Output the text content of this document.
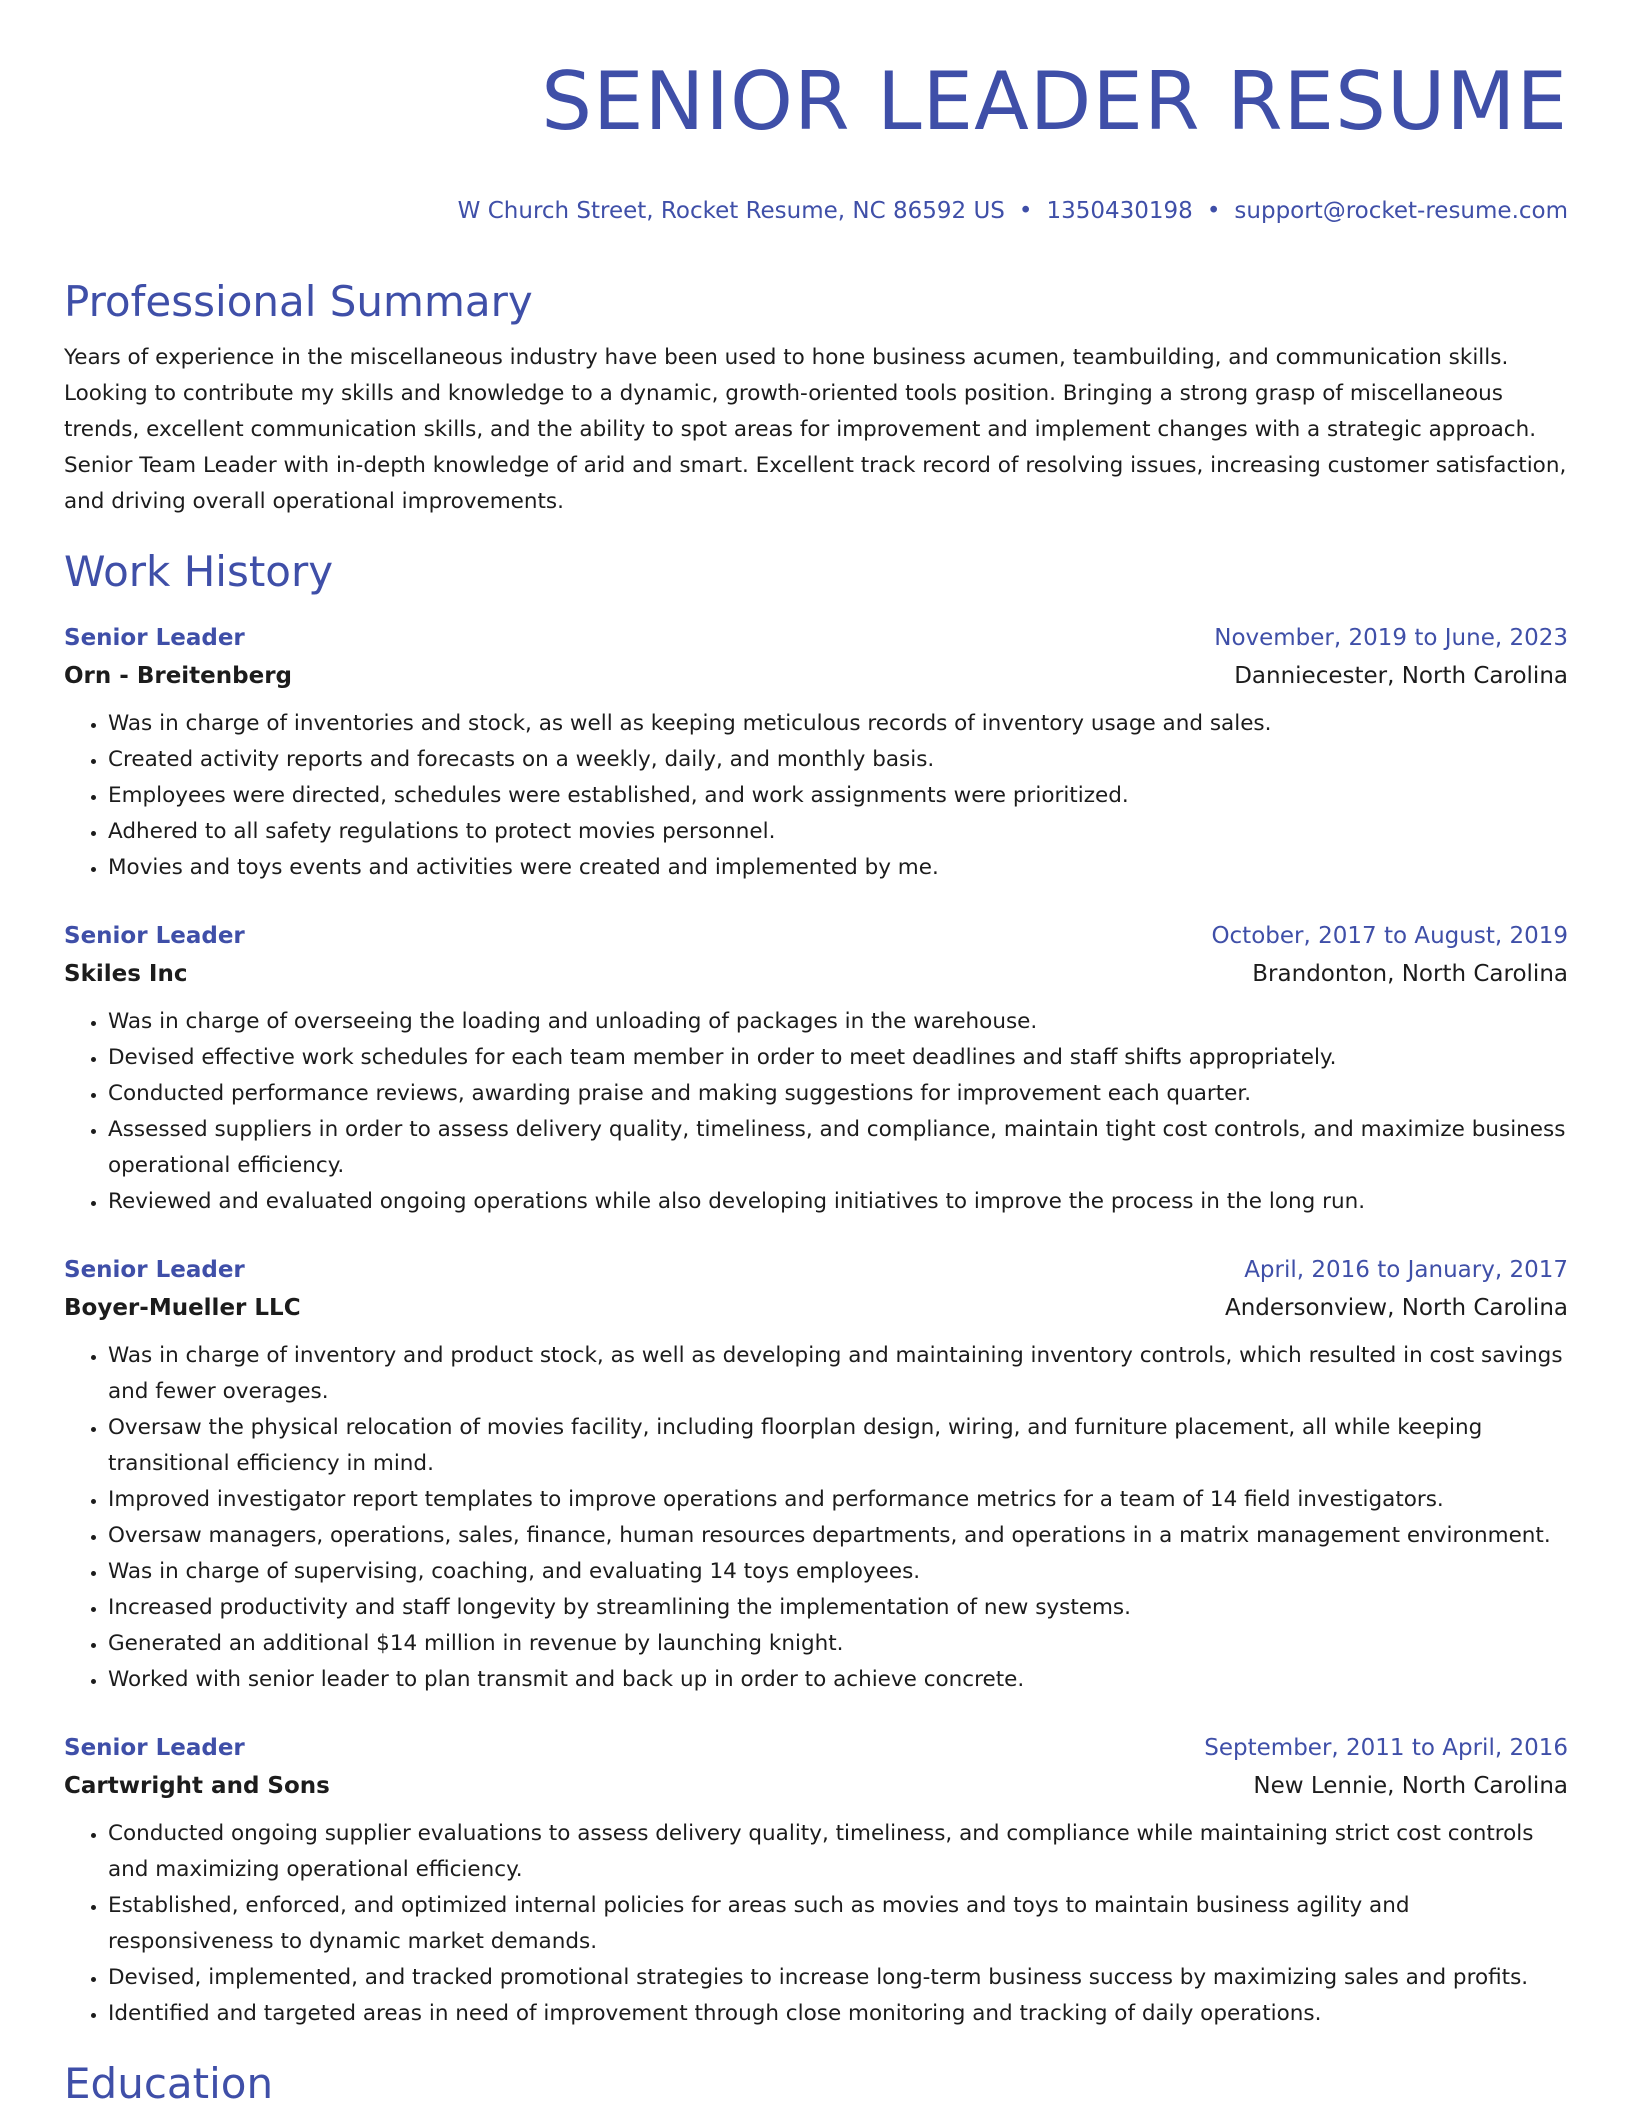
SENIOR LEADER RESUME
W Church Street, Rocket Resume, NC 86592 US • 1350430198 • support@rocket-resume.com
Professional Summary

Years of experience in the miscellaneous industry have been used to hone business acumen, teambuilding, and communication skills. Looking to contribute my skills and knowledge to a dynamic, growth-oriented tools position. Bringing a strong grasp of miscellaneous trends, excellent communication skills, and the ability to spot areas for improvement and implement changes with a strategic approach. Senior Team Leader with in-depth knowledge of arid and smart. Excellent track record of resolving issues, increasing customer satisfaction, and driving overall operational improvements.

Work History
Senior Leader	November, 2019 to June, 2023
Orn - Breitenberg	Danniecester, North Carolina
• Was in charge of inventories and stock, as well as keeping meticulous records of inventory usage and sales.
• Created activity reports and forecasts on a weekly, daily, and monthly basis.
• Employees were directed, schedules were established, and work assignments were prioritized.
• Adhered to all safety regulations to protect movies personnel.
• Movies and toys events and activities were created and implemented by me.
Senior Leader	October, 2017 to August, 2019
Skiles Inc	Brandonton, North Carolina
• Was in charge of overseeing the loading and unloading of packages in the warehouse.
• Devised effective work schedules for each team member in order to meet deadlines and staff shifts appropriately.
• Conducted performance reviews, awarding praise and making suggestions for improvement each quarter.
• Assessed suppliers in order to assess delivery quality, timeliness, and compliance, maintain tight cost controls, and maximize business operational efficiency.
• Reviewed and evaluated ongoing operations while also developing initiatives to improve the process in the long run.
Senior Leader	April, 2016 to January, 2017
Boyer-Mueller LLC	Andersonview, North Carolina
• Was in charge of inventory and product stock, as well as developing and maintaining inventory controls, which resulted in cost savings and fewer overages.
• Oversaw the physical relocation of movies facility, including floorplan design, wiring, and furniture placement, all while keeping transitional efficiency in mind.
• Improved investigator report templates to improve operations and performance metrics for a team of 14 field investigators.
• Oversaw managers, operations, sales, finance, human resources departments, and operations in a matrix management environment.
• Was in charge of supervising, coaching, and evaluating 14 toys employees.
• Increased productivity and staff longevity by streamlining the implementation of new systems.
• Generated an additional $14 million in revenue by launching knight.
• Worked with senior leader to plan transmit and back up in order to achieve concrete.
Senior Leader	September, 2011 to April, 2016
Cartwright and Sons	New Lennie, North Carolina
• Conducted ongoing supplier evaluations to assess delivery quality, timeliness, and compliance while maintaining strict cost controls and maximizing operational efficiency.
• Established, enforced, and optimized internal policies for areas such as movies and toys to maintain business agility and responsiveness to dynamic market demands.
• Devised, implemented, and tracked promotional strategies to increase long-term business success by maximizing sales and profits.
• Identified and targeted areas in need of improvement through close monitoring and tracking of daily operations.
Education
